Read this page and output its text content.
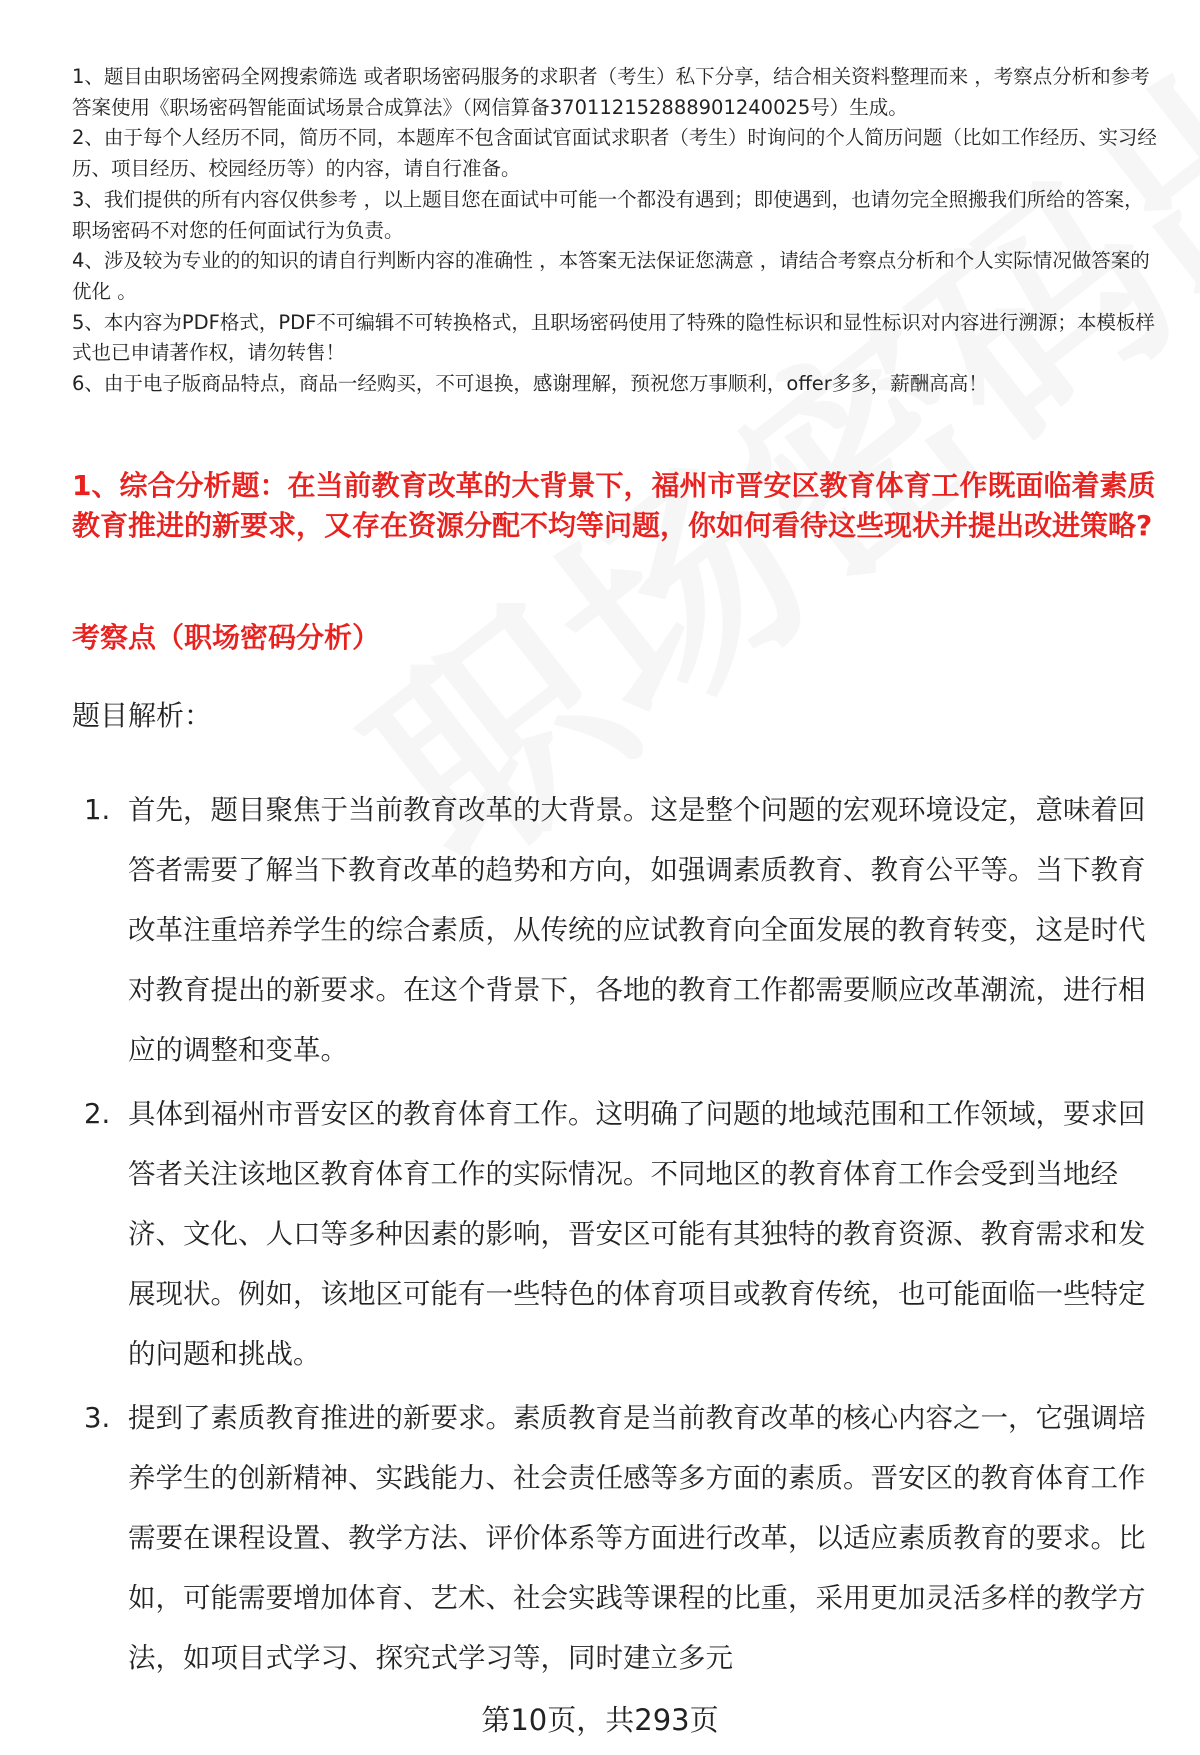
1、题目由职场密码全网搜索筛选 或者职场密码服务的求职者（考生）私下分享，结合相关资料整理而来 ，考察点分析和参考答案使用《职场密码智能面试场景合成算法》（网信算备370112152888901240025号）生成。

2、由于每个人经历不同，简历不同，本题库不包含面试官面试求职者（考生）时询问的个人简历问题（比如工作经历、实习经历、项目经历、校园经历等）的内容，请自行准备。

3、我们提供的所有内容仅供参考 ，以上题目您在面试中可能一个都没有遇到；即使遇到，也请勿完全照搬我们所给的答案，职场密码不对您的任何面试行为负责。

4、涉及较为专业的的知识的请自行判断内容的准确性 ，本答案无法保证您满意 ，请结合考察点分析和个人实际情况做答案的优化 。

5、本内容为PDF格式，PDF不可编辑不可转换格式，且职场密码使用了特殊的隐性标识和显性标识对内容进行溯源；本模板样式也已申请著作权，请勿转售！

6、由于电子版商品特点，商品一经购买，不可退换，感谢理解，预祝您万事顺利，offer多多，薪酬高高！

1、综合分析题：在当前教育改革的大背景下，福州市晋安区教育体育工作既面临着素质教育推进的新要求，又存在资源分配不均等问题，你如何看待这些现状并提出改进策略?
考察点（职场密码分析）

题目解析：

1. 首先，题目聚焦于当前教育改革的大背景。这是整个问题的宏观环境设定，意味着回答者需要了解当下教育改革的趋势和方向，如强调素质教育、教育公平等。当下教育改革注重培养学生的综合素质，从传统的应试教育向全面发展的教育转变，这是时代对教育提出的新要求。在这个背景下，各地的教育工作都需要顺应改革潮流，进行相应的调整和变革。
2. 具体到福州市晋安区的教育体育工作。这明确了问题的地域范围和工作领域，要求回答者关注该地区教育体育工作的实际情况。不同地区的教育体育工作会受到当地经济、文化、人口等多种因素的影响，晋安区可能有其独特的教育资源、教育需求和发展现状。例如，该地区可能有一些特色的体育项目或教育传统，也可能面临一些特定的问题和挑战。
3. 提到了素质教育推进的新要求。素质教育是当前教育改革的核心内容之一，它强调培养学生的创新精神、实践能力、社会责任感等多方面的素质。晋安区的教育体育工作需要在课程设置、教学方法、评价体系等方面进行改革，以适应素质教育的要求。比如，可能需要增加体育、艺术、社会实践等课程的比重，采用更加灵活多样的教学方法，如项目式学习、探究式学习等，同时建立多元
第10页，共293页
